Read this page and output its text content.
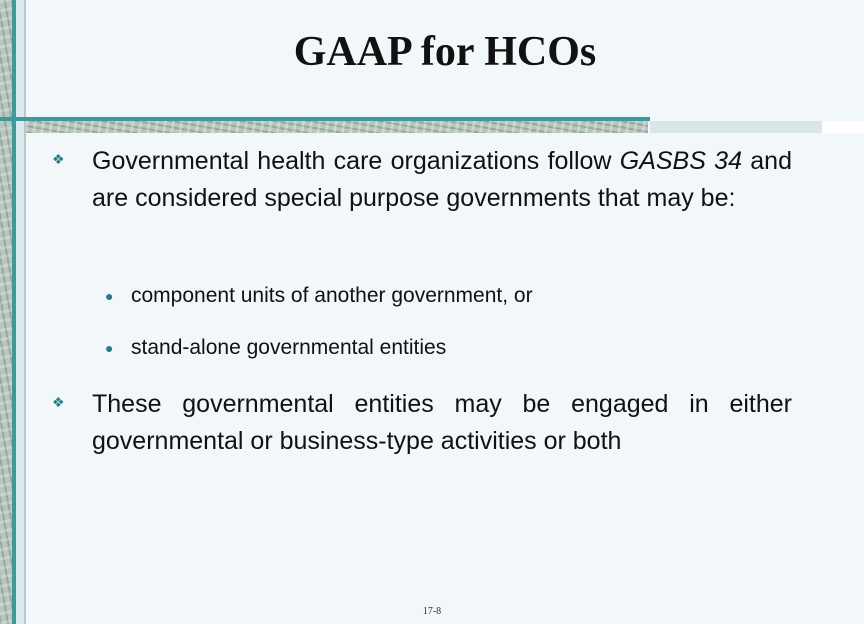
GAAP for HCOs
❖	Governmental health care organizations follow GASBS 34 and are considered special purpose governments that may be:
● component units of another government, or
● stand-alone governmental entities
❖	These governmental entities may be engaged in either governmental or business-type activities or both
17-8
